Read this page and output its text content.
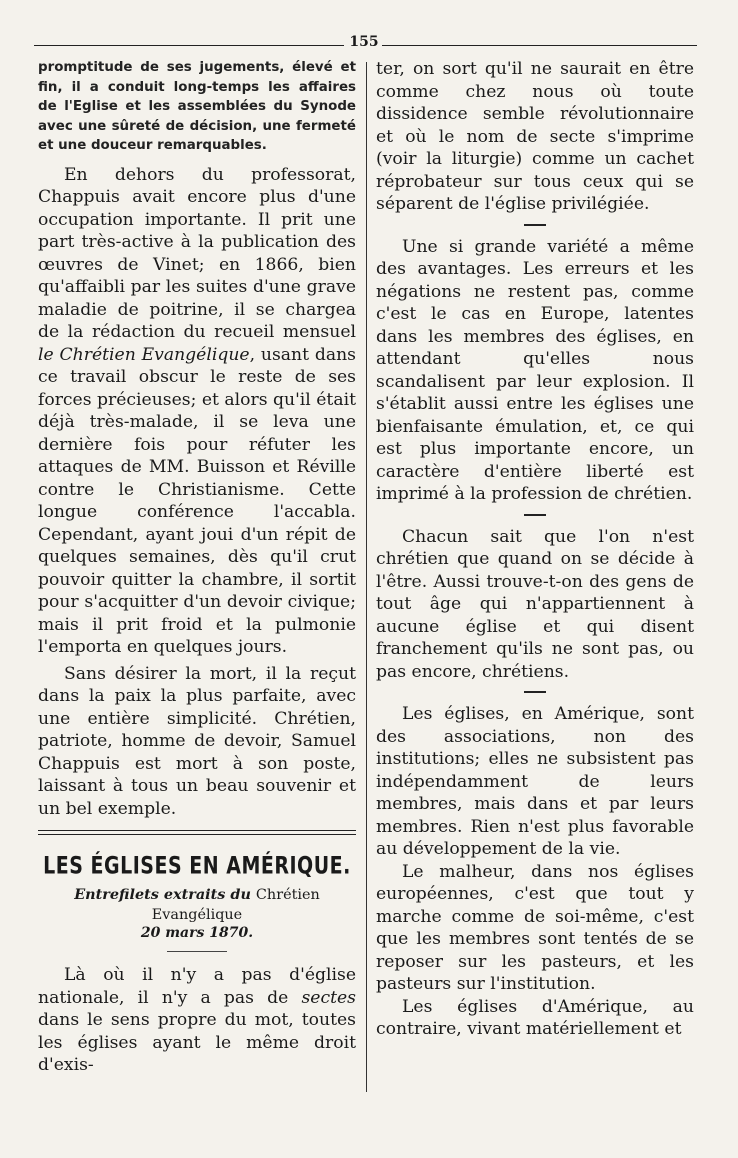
155

promptitude de ses jugements, élevé et

fin, il a conduit long-temps les affaires

de l'Eglise et les assemblées du Synode

avec une sûreté de décision, une fermeté

et une douceur remarquables.

En dehors du professorat, Chappuis avait encore plus d'une occupation importante. Il prit une part très-active à la publication des œuvres de Vinet; en 1866, bien qu'affaibli par les suites d'une grave maladie de poitrine, il se chargea de la rédaction du recueil mensuel le Chrétien Evangélique, usant dans ce travail obscur le reste de ses forces précieuses; et alors qu'il était déjà très-malade, il se leva une dernière fois pour réfuter les attaques de MM. Buisson et Réville contre le Christianisme. Cette longue conférence l'accabla. Cependant, ayant joui d'un répit de quelques semaines, dès qu'il crut pouvoir quitter la chambre, il sortit pour s'acquitter d'un devoir civique; mais il prit froid et la pulmonie l'emporta en quelques jours.

Sans désirer la mort, il la reçut dans la paix la plus parfaite, avec une entière simplicité. Chrétien, patriote, homme de devoir, Samuel Chappuis est mort à son poste, laissant à tous un beau souvenir et un bel exemple.

LES ÉGLISES EN AMÉRIQUE.

Entrefilets extraits du Chrétien Evangélique

20 mars 1870.

Là où il n'y a pas d'église nationale, il n'y a pas de sectes dans le sens propre du mot, toutes les églises ayant le même droit d'exis-

ter, on sort qu'il ne saurait en être comme chez nous où toute dissidence semble révolutionnaire et où le nom de secte s'imprime (voir la liturgie) comme un cachet réprobateur sur tous ceux qui se séparent de l'église privilégiée.

Une si grande variété a même des avantages. Les erreurs et les négations ne restent pas, comme c'est le cas en Europe, latentes dans les membres des églises, en attendant qu'elles nous scandalisent par leur explosion. Il s'établit aussi entre les églises une bienfaisante émulation, et, ce qui est plus importante encore, un caractère d'entière liberté est imprimé à la profession de chrétien.

Chacun sait que l'on n'est chrétien que quand on se décide à l'être. Aussi trouve-t-on des gens de tout âge qui n'appartiennent à aucune église et qui disent franchement qu'ils ne sont pas, ou pas encore, chrétiens.

Les églises, en Amérique, sont des associations, non des institutions; elles ne subsistent pas indépendamment de leurs membres, mais dans et par leurs membres. Rien n'est plus favorable au développement de la vie.

Le malheur, dans nos églises européennes, c'est que tout y marche comme de soi-même, c'est que les membres sont tentés de se reposer sur les pasteurs, et les pasteurs sur l'institution.

Les églises d'Amérique, au contraire, vivant matériellement et
